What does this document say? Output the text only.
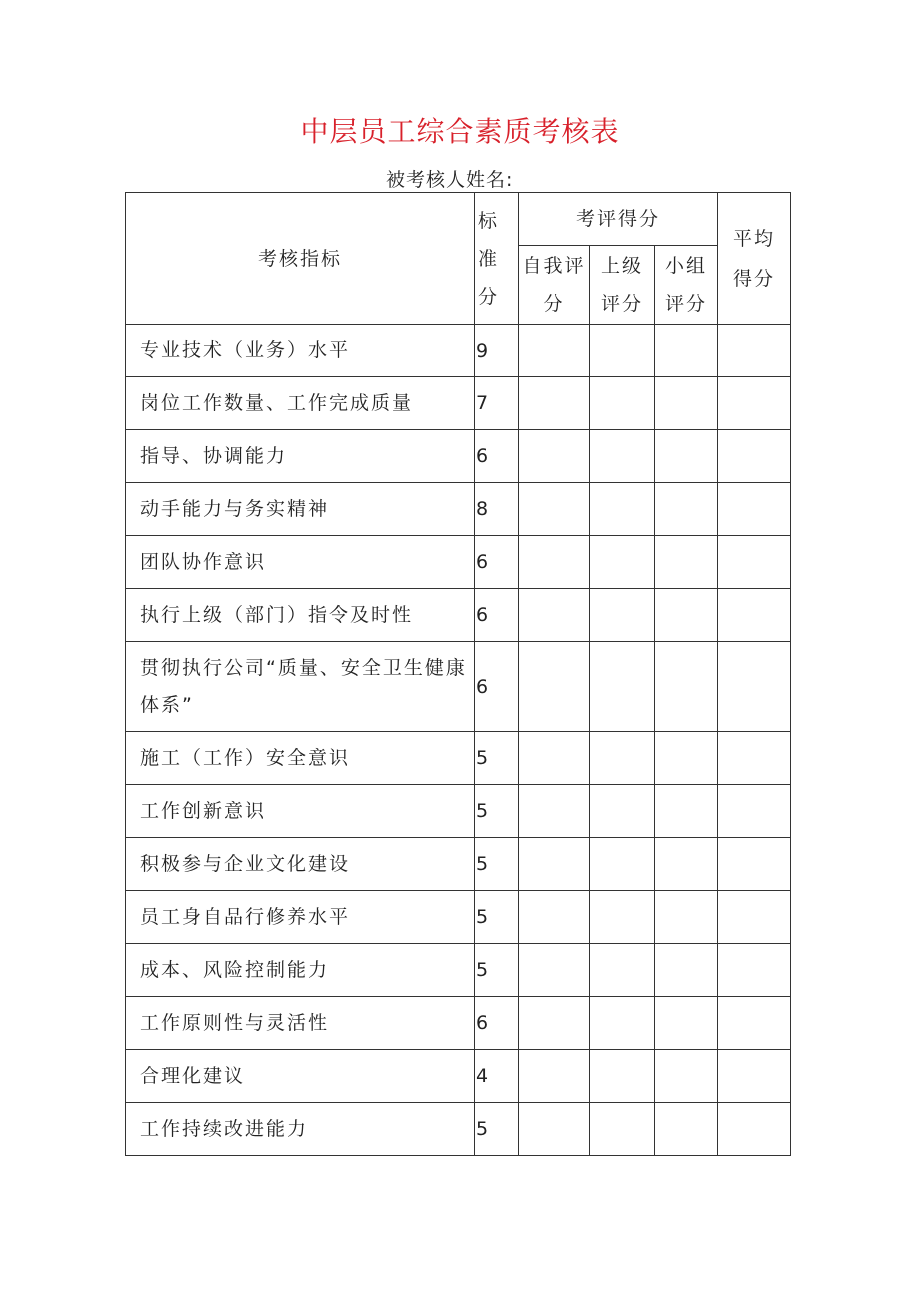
中层员工综合素质考核表
被考核人姓名:
考核指标	标准分	考评得分			平均得分

		自我评分	上级评分	小组评分	

专业技术（业务）水平	9				
岗位工作数量、工作完成质量	7				
指导、协调能力	6				
动手能力与务实精神	8				
团队协作意识	6				
执行上级（部门）指令及时性	6				
贯彻执行公司“质量、安全卫生健康体系”	6				
施工（工作）安全意识	5				
工作创新意识	5				
积极参与企业文化建设	5				
员工身自品行修养水平	5				
成本、风险控制能力	5				
工作原则性与灵活性	6				
合理化建议	4				
工作持续改进能力	5				
